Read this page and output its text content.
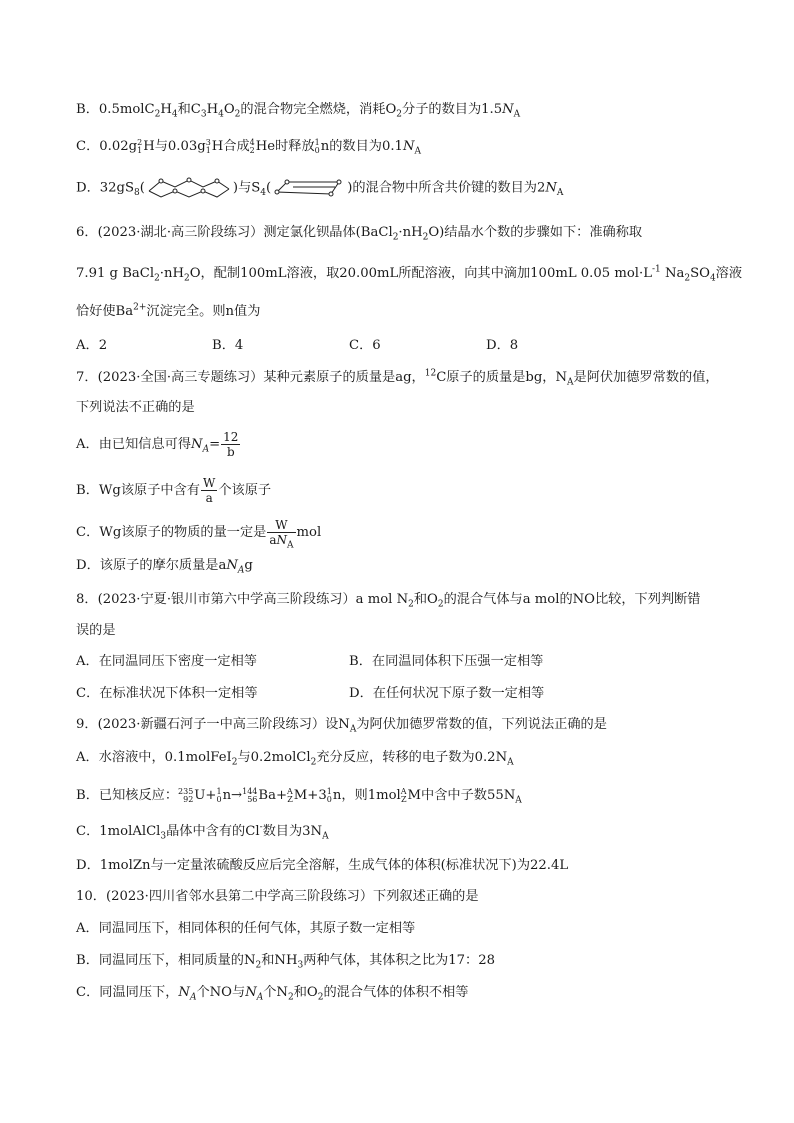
B．$0.5molC_2H_4$和$C_3H_4O_2$的混合物完全燃烧，消耗$O_2$分子的数目为$1.5N_A$
C．0.02g 2
1 H与0.03g 3
1 H合成 4
2 He时释放 1
0 n的数目为$0.1N_A$
D．$32gS_8$(	)与$S_4$(	)的混合物中所含共价键的数目为$2N_A$
6．(2023·湖北·高三阶段练习）测定氯化钡晶体$(BaCl_2\cdot nH_2O)$结晶水个数的步骤如下：准确称取
7.91 g $BaCl_2\cdot nH_2O$，配制100mL溶液，取20.00mL所配溶液，向其中滴加100mL 0.05 $mol\cdot L^{-1}$ $Na_2SO_4$溶液
恰好使$Ba^{2+}$沉淀完全。则n值为
A．2	B．4	C．6	D．8
7．(2023·全国·高三专题练习）某种元素原子的质量是ag，$^{12}$C原子的质量是bg，$N_A$是阿伏加德罗常数的值，
下列说法不正确的是
A．由已知信息可得$N_A= \frac{12}{b}$
B．Wg该原子中含有 $\frac{W}{a}$ 个该原子
C．Wg该原子的物质的量一定是 $\frac{W}{aN_A}$ mol
D．该原子的摩尔质量是$aN_Ag$
8．(2023·宁夏·银川市第六中学高三阶段练习）a mol $N_2$和$O_2$的混合气体与a mol的NO比较，下列判断错
误的是
A．在同温同压下密度一定相等	B．在同温同体积下压强一定相等
C．在标准状况下体积一定相等	D．在任何状况下原子数一定相等
9．(2023·新疆石河子一中高三阶段练习）设$N_A$为阿伏加德罗常数的值，下列说法正确的是
A．水溶液中，0.1molFeI$_2$与0.2molCl$_2$充分反应，转移的电子数为$0.2N_A$
B．已知核反应： 235
92 U+ 1
0 n→ 144
56 Ba+ A
Z M+3 1
0 n，则1mol A
Z M中含中子数$55N_A$
C．1molAlCl$_3$晶体中含有的Cl-数目为$3N_A$
D．1molZn与一定量浓硫酸反应后完全溶解，生成气体的体积(标准状况下)为22.4L
10．(2023·四川省邻水县第二中学高三阶段练习）下列叙述正确的是
A．同温同压下，相同体积的任何气体，其原子数一定相等
B．同温同压下，相同质量的$N_2$和$NH_3$两种气体，其体积之比为17：28
C．同温同压下，$N_A$个NO与$N_A$个$N_2$和$O_2$的混合气体的体积不相等
